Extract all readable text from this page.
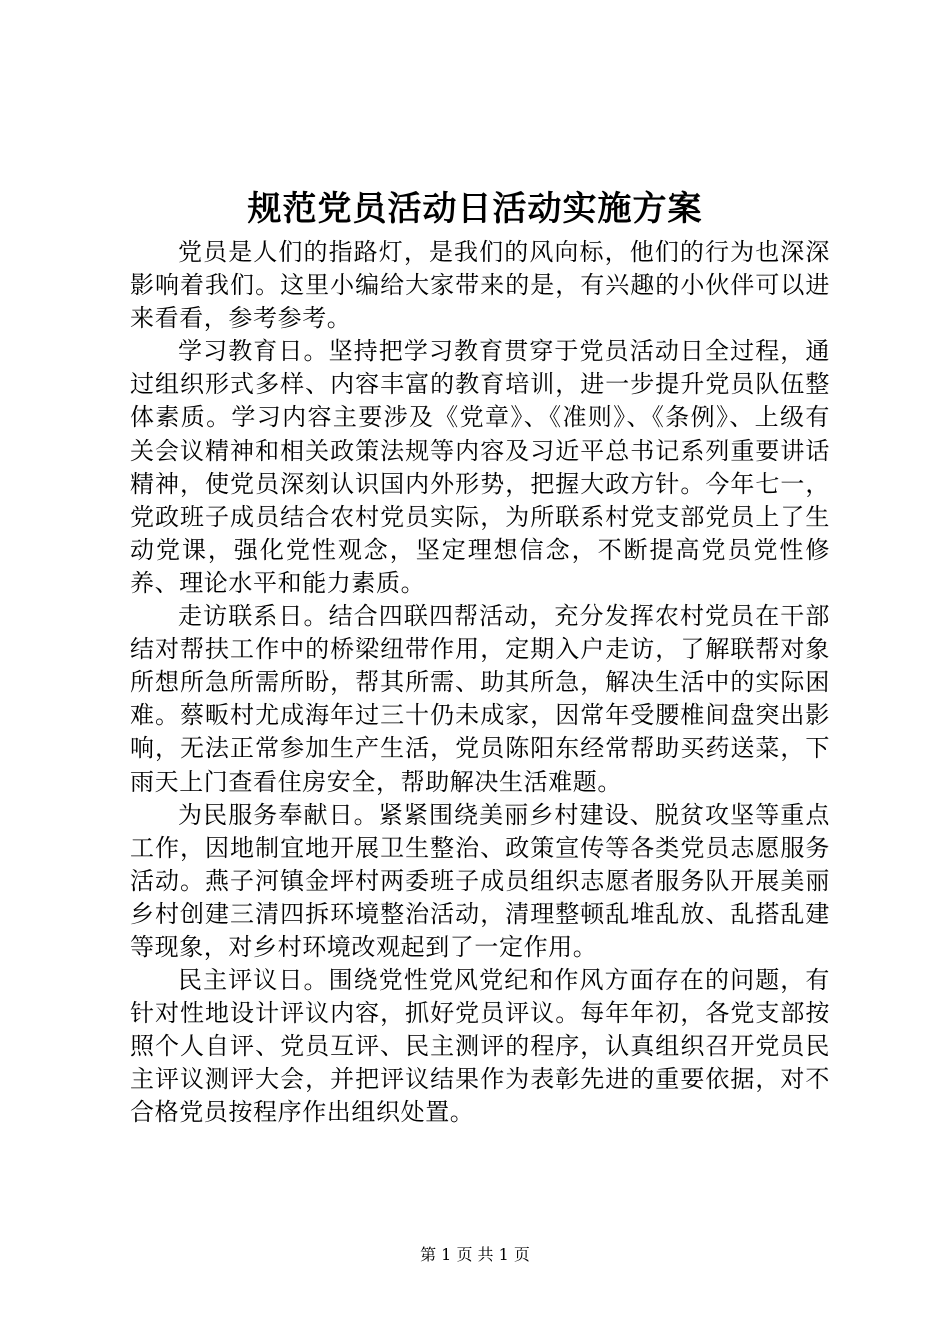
规范党员活动日活动实施方案

党员是人们的指路灯，是我们的风向标，他们的行为也深深影响着我们。这里小编给大家带来的是，有兴趣的小伙伴可以进来看看，参考参考。

学习教育日。坚持把学习教育贯穿于党员活动日全过程，通过组织形式多样、内容丰富的教育培训，进一步提升党员队伍整体素质。学习内容主要涉及《党章》、《准则》、《条例》、上级有关会议精神和相关政策法规等内容及习近平总书记系列重要讲话精神，使党员深刻认识国内外形势，把握大政方针。今年七一，党政班子成员结合农村党员实际，为所联系村党支部党员上了生动党课，强化党性观念，坚定理想信念，不断提高党员党性修养、理论水平和能力素质。

走访联系日。结合四联四帮活动，充分发挥农村党员在干部结对帮扶工作中的桥梁纽带作用，定期入户走访，了解联帮对象所想所急所需所盼，帮其所需、助其所急，解决生活中的实际困难。蔡畈村尤成海年过三十仍未成家，因常年受腰椎间盘突出影响，无法正常参加生产生活，党员陈阳东经常帮助买药送菜，下雨天上门查看住房安全，帮助解决生活难题。

为民服务奉献日。紧紧围绕美丽乡村建设、脱贫攻坚等重点工作，因地制宜地开展卫生整治、政策宣传等各类党员志愿服务活动。燕子河镇金坪村两委班子成员组织志愿者服务队开展美丽乡村创建三清四拆环境整治活动，清理整顿乱堆乱放、乱搭乱建等现象，对乡村环境改观起到了一定作用。

民主评议日。围绕党性党风党纪和作风方面存在的问题，有针对性地设计评议内容，抓好党员评议。每年年初，各党支部按照个人自评、党员互评、民主测评的程序，认真组织召开党员民主评议测评大会，并把评议结果作为表彰先进的重要依据，对不合格党员按程序作出组织处置。

第 1 页 共 1 页
